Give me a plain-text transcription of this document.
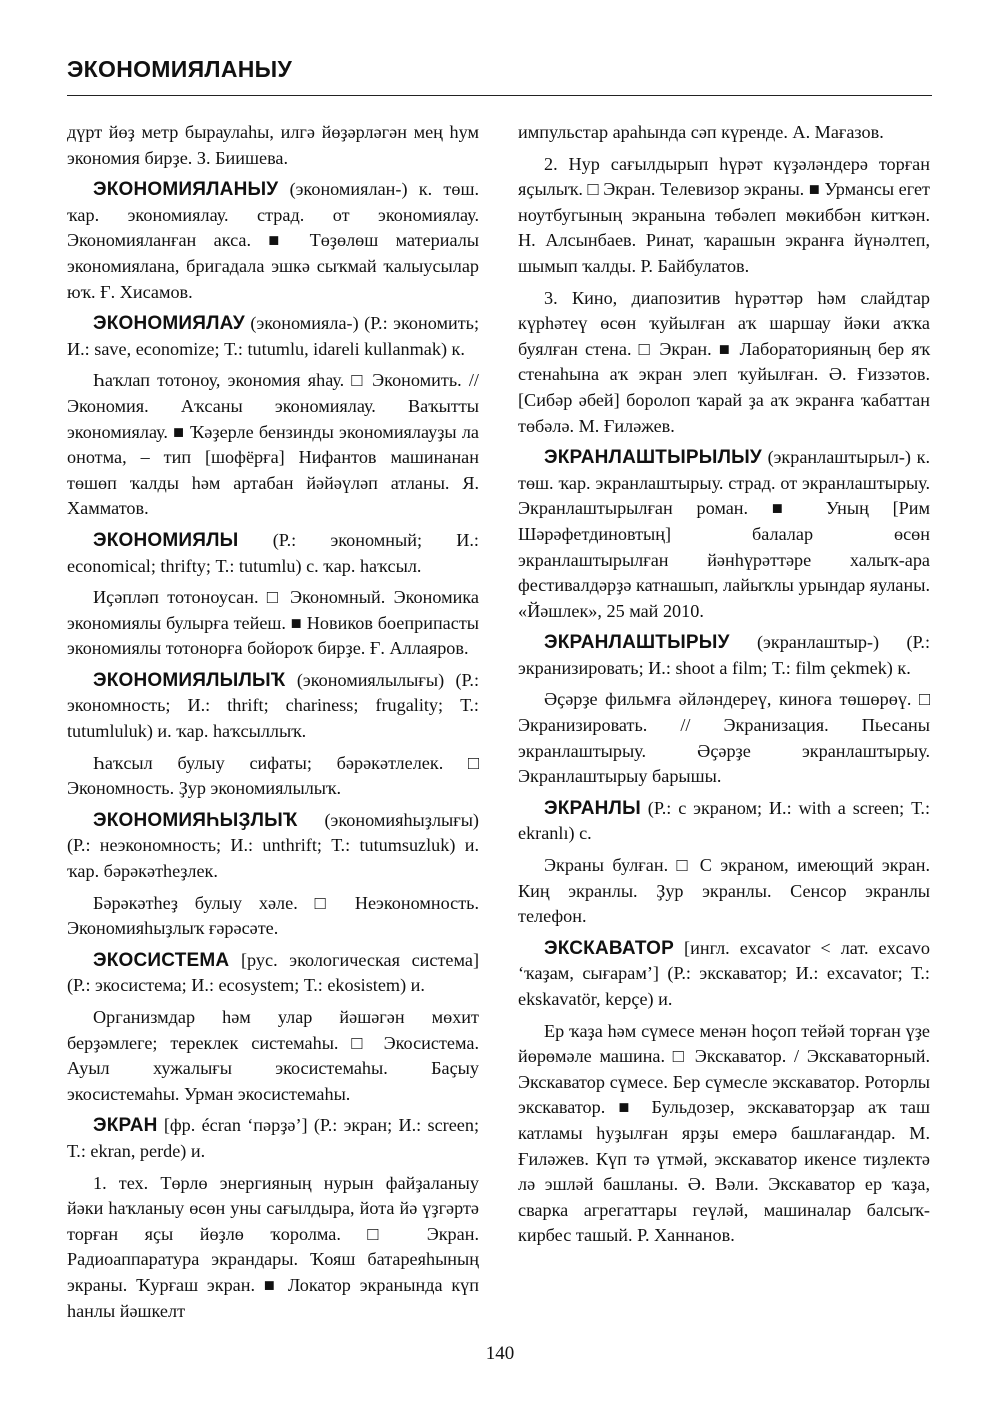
ЭКОНОМИЯЛАНЫУ

дүрт йөҙ метр быраулаһы, илгә йөҙәрләгән мең һум экономия бирҙе. З. Биишева.

ЭКОНОМИЯЛАНЫУ (экономиялан-) к. төш. ҡар. экономиялау. страд. от экономиялау. Экономияланған акса. ■ Төҙөлөш материалы экономиялана, бригадала эшкә сыҡмай ҡалыусылар юҡ. Ғ. Хисамов.

ЭКОНОМИЯЛАУ (экономияла-) (Р.: экономить; И.: save, economize; Т.: tutumlu, idareli kullanmak) к.

Һаҡлап тотоноу, экономия яһау. □ Экономить. // Экономия. Аҡсаны экономиялау. Ваҡытты экономиялау. ■ Ҡәҙерле бензинды экономиялауҙы ла онотма, – тип [шофёрға] Нифантов машинанан төшөп ҡалды һәм артабан йәйәүләп атланы. Я. Хамматов.

ЭКОНОМИЯЛЫ (Р.: экономный; И.: economical; thrifty; Т.: tutumlu) с. ҡар. һаҡсыл.

Иҫәпләп тотоноусан. □ Экономный. Экономика экономиялы булырға тейеш. ■ Новиков боеприпасты экономиялы тотонорға бойороҡ бирҙе. Ғ. Аллаяров.

ЭКОНОМИЯЛЫЛЫҠ (экономиялылығы) (Р.: экономность; И.: thrift; chariness; frugality; Т.: tutumluluk) и. ҡар. һаҡсыллыҡ.

Һаҡсыл булыу сифаты; бәрәкәтлелек. □ Экономность. Ҙур экономиялылыҡ.

ЭКОНОМИЯҺЫҘЛЫҠ (экономияһыҙлығы) (Р.: неэкономность; И.: unthrift; Т.: tutumsuzluk) и. ҡар. бәрәкәтһеҙлек.

Бәрәкәтһеҙ булыу хәле. □ Неэкономность. Экономияһыҙлыҡ ғәрәсәте.

ЭКОСИСТЕМА [рус. экологическая система] (Р.: экосистема; И.: ecosystem; Т.: ekosistem) и.

Организмдар һәм улар йәшәгән мөхит берҙәмлеге; тереклек системаһы. □ Экосистема. Ауыл хужалығы экосистемаһы. Баҫыу экосистемаһы. Урман экосистемаһы.

ЭКРАН [фр. écran ‘пәрҙә’] (Р.: экран; И.: screen; Т.: ekran, perde) и.

1. тех. Төрлө энергияның нурын файҙаланыу йәки һаҡланыу өсөн уны сағылдыра, йота йә үҙгәртә торған яҫы йөҙлө ҡоролма. □ Экран. Радиоаппаратура экрандары. Ҡояш батареяһының экраны. Ҡурғаш экран. ■ Локатор экранында күп һанлы йәшкелт

импульстар араһында сәп күренде. А. Мағазов.

2. Нур сағылдырып һүрәт күҙәләндерә торған яҫылыҡ. □ Экран. Телевизор экраны. ■ Урмансы егет ноутбугының экранына төбәлеп мөкиббән китҡән. Н. Алсынбаев. Ринат, ҡарашын экранға йүнәлтеп, шымып ҡалды. Р. Байбулатов.

3. Кино, диапозитив һүрәттәр һәм слайдтар күрһәтеү өсөн ҡуйылған аҡ шаршау йәки аҡҡа буялған стена. □ Экран. ■ Лабораторияның бер яҡ стенаһына аҡ экран элеп ҡуйылған. Ә. Ғиззәтов. [Сибәр әбей] боролоп ҡарай ҙа аҡ экранға ҡабаттан төбәлә. М. Ғиләжев.

ЭКРАНЛАШТЫРЫЛЫУ (экранлаштырыл-) к. төш. ҡар. экранлаштырыу. страд. от экранлаштырыу. Экранлаштырылған роман. ■ Уның [Рим Шәрәфетдиновтың] балалар өсөн экранлаштырылған йәнһүрәттәре халыҡ-ара фестивалдәрҙә катнашып, лайыҡлы урындар яуланы. «Йәшлек», 25 май 2010.

ЭКРАНЛАШТЫРЫУ (экранлаштыр-) (Р.: экранизировать; И.: shoot a film; Т.: film çekmek) к.

Әҫәрҙе фильмға әйләндереү, киноға төшөрөү. □ Экранизировать. // Экранизация. Пьесаны экранлаштырыу. Әҫәрҙе экранлаштырыу. Экранлаштырыу барышы.

ЭКРАНЛЫ (Р.: с экраном; И.: with a screen; Т.: ekranlı) с.

Экраны булған. □ С экраном, имеющий экран. Киң экранлы. Ҙур экранлы. Сенсор экранлы телефон.

ЭКСКАВАТОР [ингл. excavator < лат. excavo ‘ҡаҙам, сығарам’] (Р.: экскаватор; И.: excavator; Т.: ekskavatör, kepçe) и.

Ер ҡаҙа һәм сүмесе менән һоҫоп тейәй торған үҙе йөрөмәле машина. □ Экскаватор. / Экскаваторный. Экскаватор сүмесе. Бер сүмесле экскаватор. Роторлы экскаватор. ■ Бульдозер, экскаваторҙар аҡ таш катламы һуҙылған ярҙы емерә башлағандар. М. Ғиләжев. Күп тә үтмәй, экскаватор икенсе тиҙлектә лә эшләй башланы. Ә. Вәли. Экскаватор ер ҡаҙа, сварка агрегаттары геүләй, машиналар балсыҡ-кирбес ташый. Р. Ханнанов.

140
